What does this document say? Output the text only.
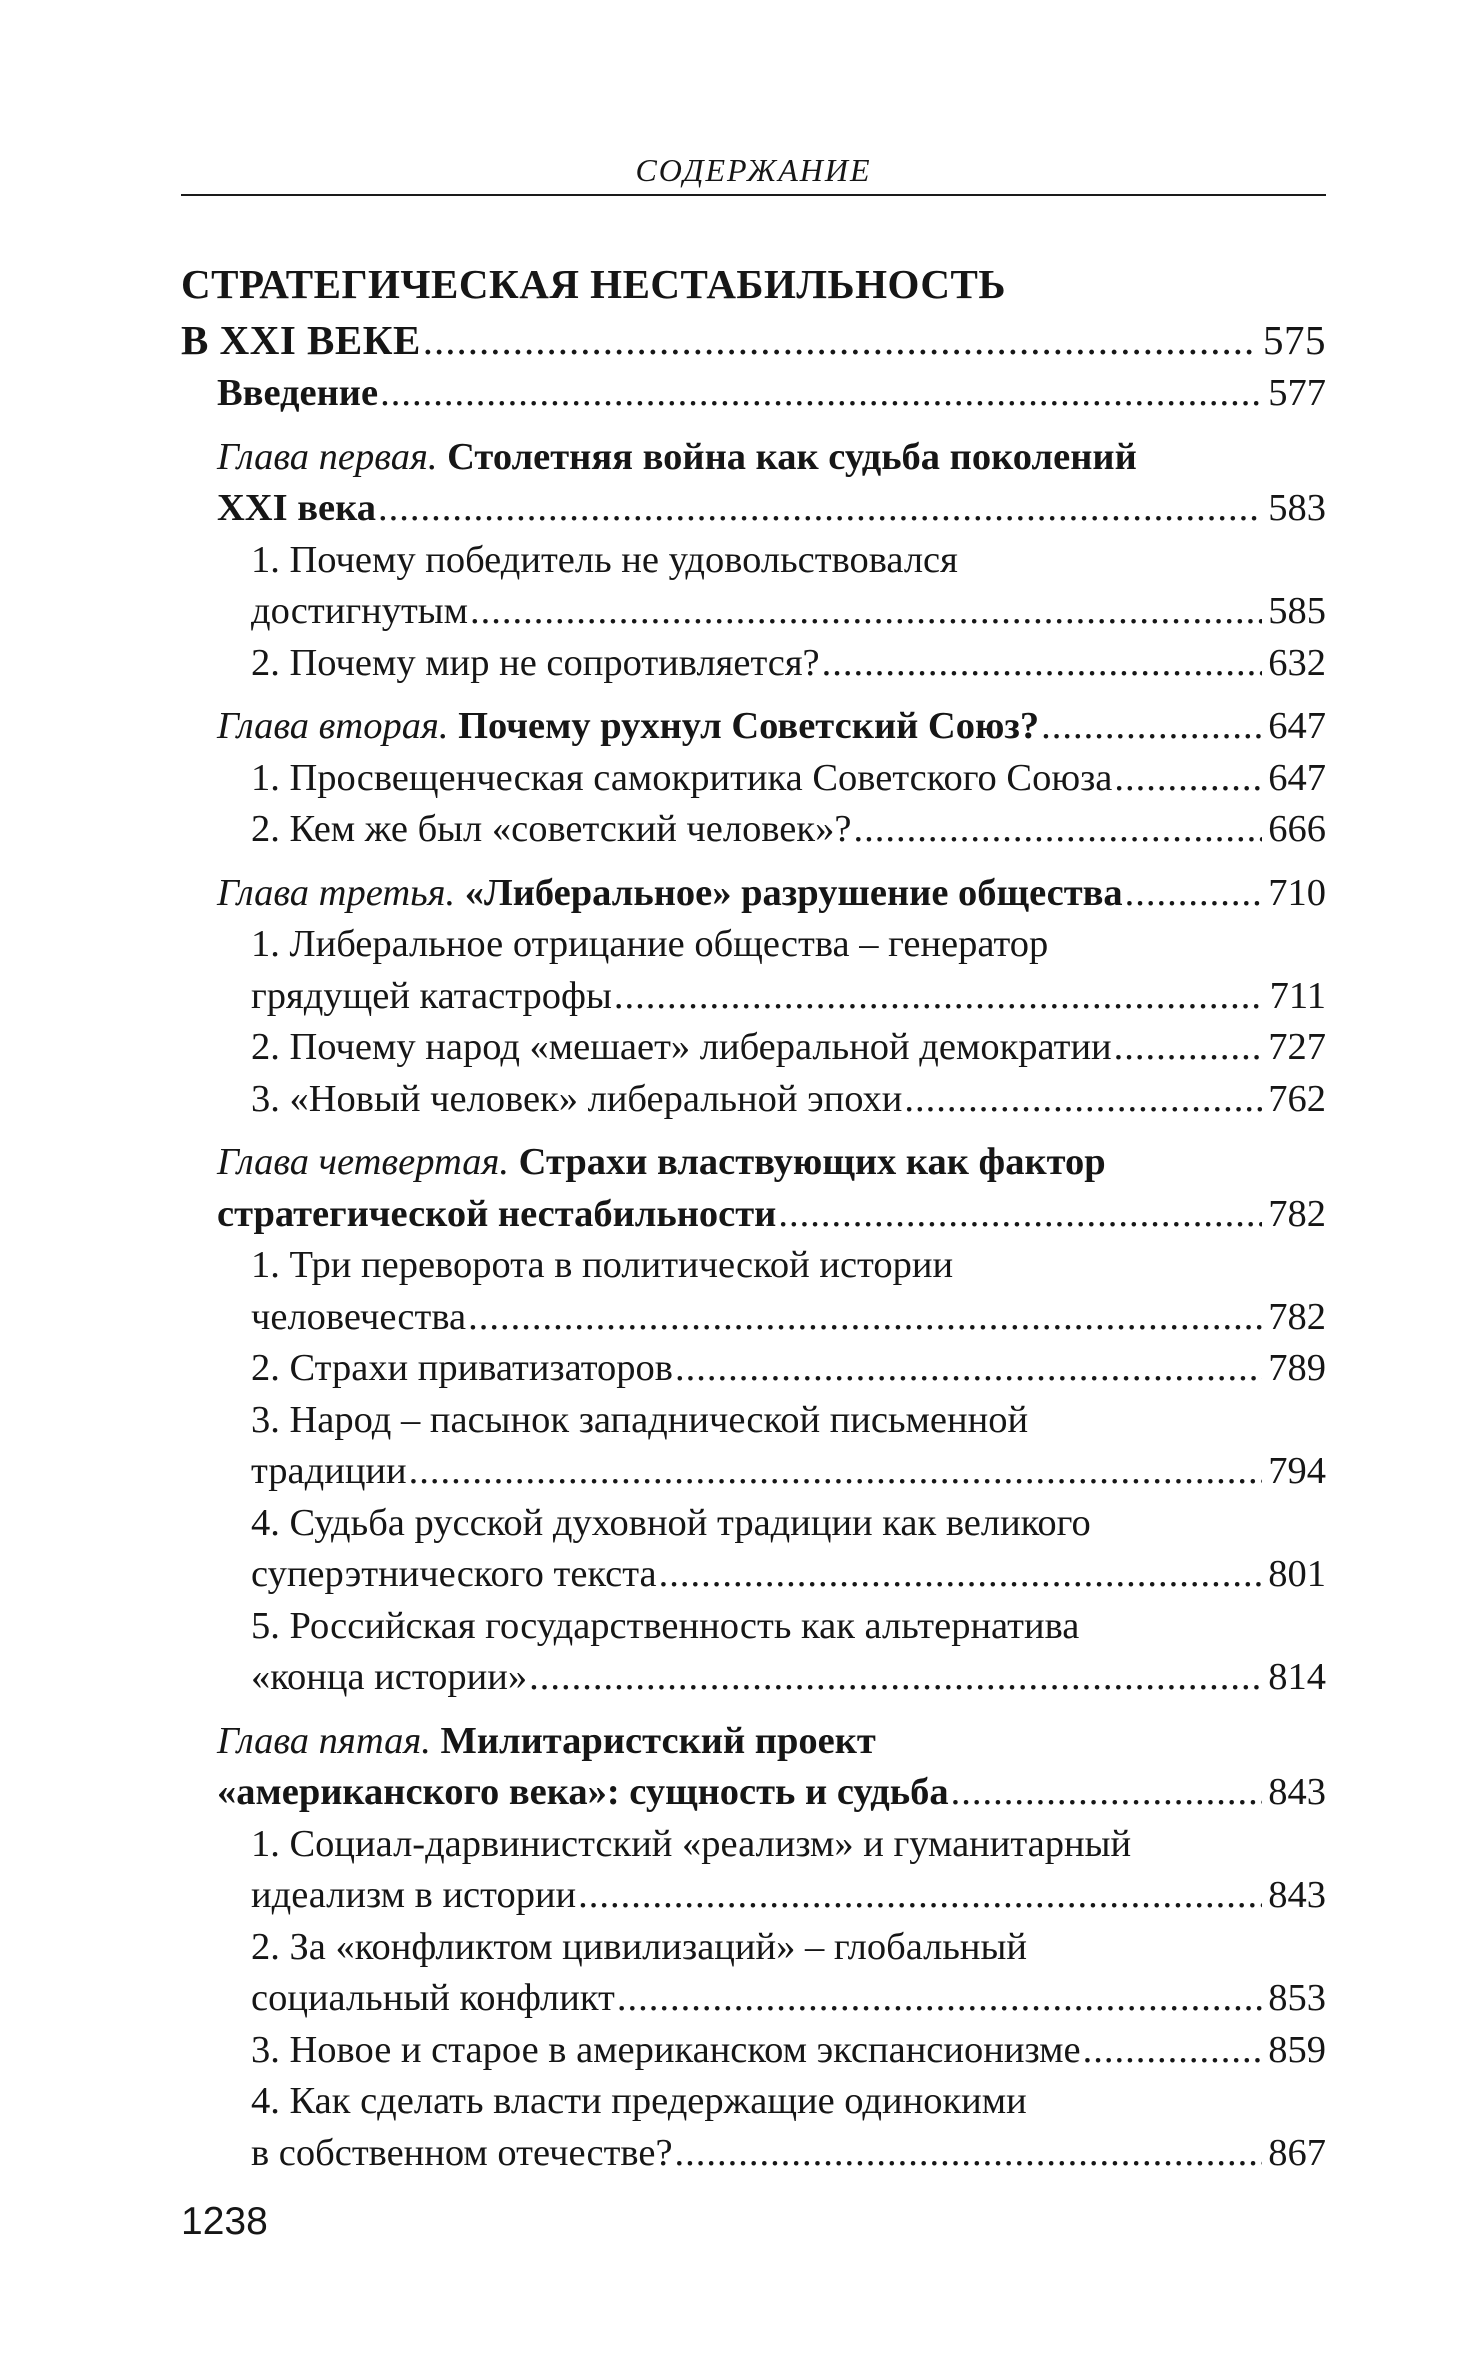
СОДЕРЖАНИЕ
СТРАТЕГИЧЕСКАЯ НЕСТАБИЛЬНОСТЬ
В XXI ВЕКЕ .....	575
Введение .....	577
Глава первая. Столетняя война как судьба поколений
XXI века .....	583
1. Почему победитель не удовольствовался
достигнутым .....	585
2. Почему мир не сопротивляется? .....	632
Глава вторая. Почему рухнул Советский Союз? .....	647
1. Просвещенческая самокритика Советского Союза .....	647
2. Кем же был «советский человек»? .....	666
Глава третья. «Либеральное» разрушение общества .....	710
1. Либеральное отрицание общества – генератор
грядущей катастрофы .....	711
2. Почему народ «мешает» либеральной демократии .....	727
3. «Новый человек» либеральной эпохи .....	762
Глава четвертая. Страхи властвующих как фактор
стратегической нестабильности .....	782
1. Три переворота в политической истории
человечества .....	782
2. Страхи приватизаторов .....	789
3. Народ – пасынок западнической письменной
традиции .....	794
4. Судьба русской духовной традиции как великого
суперэтнического текста .....	801
5. Российская государственность как альтернатива
«конца истории» .....	814
Глава пятая. Милитаристский проект
«американского века»: сущность и судьба .....	843
1. Социал-дарвинистский «реализм» и гуманитарный
идеализм в истории .....	843
2. За «конфликтом цивилизаций» – глобальный
социальный конфликт .....	853
3. Новое и старое в американском экспансионизме .....	859
4. Как сделать власти предержащие одинокими
в собственном отечестве? .....	867
1238
